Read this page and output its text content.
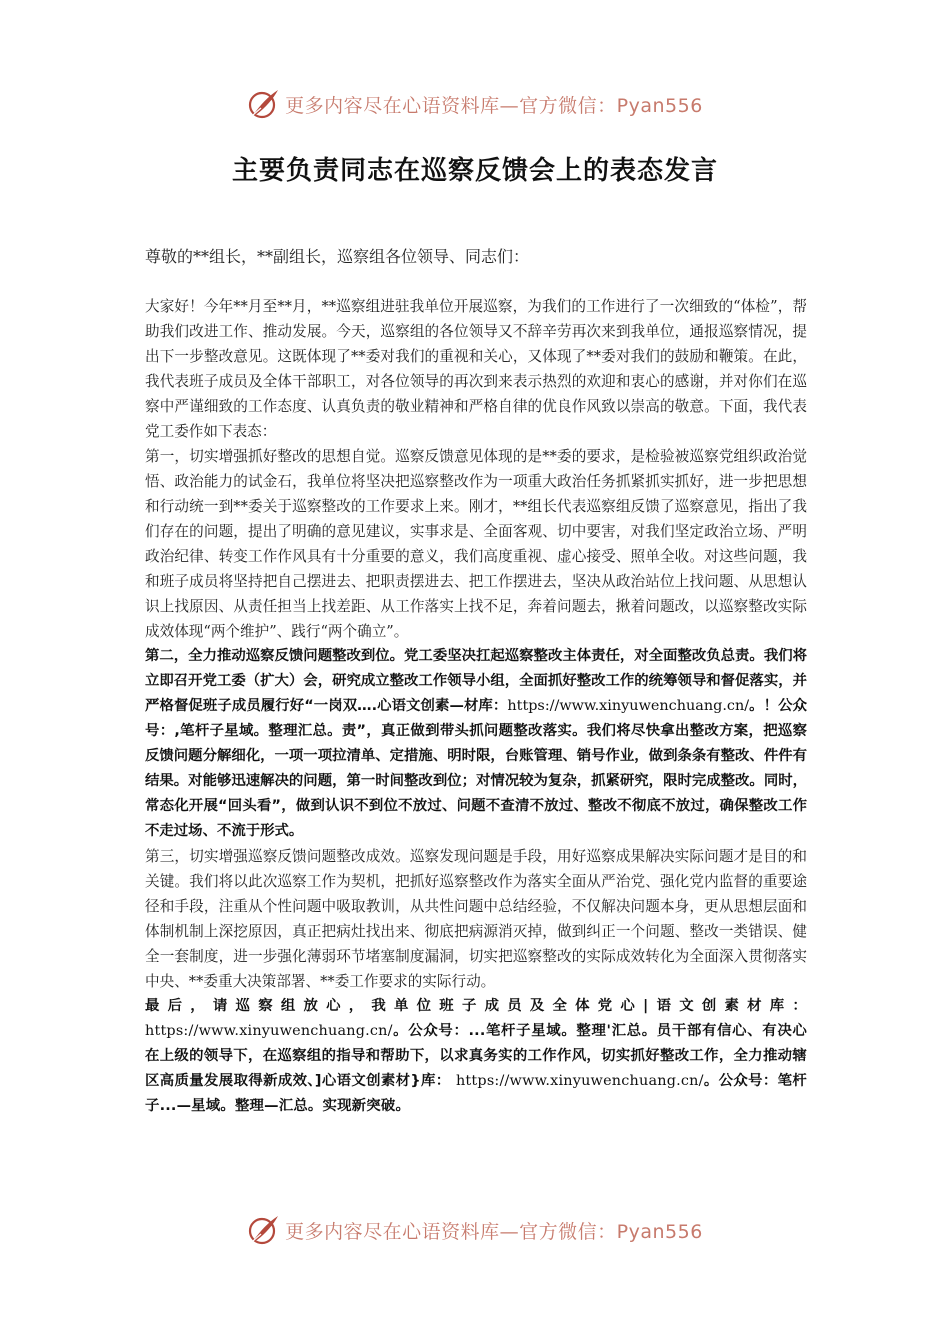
更多内容尽在心语资料库—官方微信：Pyan556
主要负责同志在巡察反馈会上的表态发言
尊敬的**组长，**副组长，巡察组各位领导、同志们：

大家好！今年**月至**月，**巡察组进驻我单位开展巡察，为我们的工作进行了一次细致的“体检”，帮助我们改进工作、推动发展。今天，巡察组的各位领导又不辞辛劳再次来到我单位，通报巡察情况，提出下一步整改意见。这既体现了**委对我们的重视和关心，又体现了**委对我们的鼓励和鞭策。在此，我代表班子成员及全体干部职工，对各位领导的再次到来表示热烈的欢迎和衷心的感谢，并对你们在巡察中严谨细致的工作态度、认真负责的敬业精神和严格自律的优良作风致以崇高的敬意。下面，我代表党工委作如下表态：

第一，切实增强抓好整改的思想自觉。巡察反馈意见体现的是**委的要求，是检验被巡察党组织政治觉悟、政治能力的试金石，我单位将坚决把巡察整改作为一项重大政治任务抓紧抓实抓好，进一步把思想和行动统一到**委关于巡察整改的工作要求上来。刚才，**组长代表巡察组反馈了巡察意见，指出了我们存在的问题，提出了明确的意见建议，实事求是、全面客观、切中要害，对我们坚定政治立场、严明政治纪律、转变工作作风具有十分重要的意义，我们高度重视、虚心接受、照单全收。对这些问题，我和班子成员将坚持把自己摆进去、把职责摆进去、把工作摆进去，坚决从政治站位上找问题、从思想认识上找原因、从责任担当上找差距、从工作落实上找不足，奔着问题去，揪着问题改，以巡察整改实际成效体现“两个维护”、践行“两个确立”。

第二，全力推动巡察反馈问题整改到位。党工委坚决扛起巡察整改主体责任，对全面整改负总责。我们将立即召开党工委（扩大）会，研究成立整改工作领导小组，全面抓好整改工作的统筹领导和督促落实，并严格督促班子成员履行好“一岗双….心语文创素—材库：https://www.xinyuwenchuang.cn/。！公众号：,笔杆子星域。整理汇总。责”，真正做到带头抓问题整改落实。我们将尽快拿出整改方案，把巡察反馈问题分解细化，一项一项拉清单、定措施、明时限，台账管理、销号作业，做到条条有整改、件件有结果。对能够迅速解决的问题，第一时间整改到位；对情况较为复杂，抓紧研究，限时完成整改。同时，常态化开展“回头看”，做到认识不到位不放过、问题不查清不放过、整改不彻底不放过，确保整改工作不走过场、不流于形式。

第三，切实增强巡察反馈问题整改成效。巡察发现问题是手段，用好巡察成果解决实际问题才是目的和关键。我们将以此次巡察工作为契机，把抓好巡察整改作为落实全面从严治党、强化党内监督的重要途径和手段，注重从个性问题中吸取教训，从共性问题中总结经验，不仅解决问题本身，更从思想层面和体制机制上深挖原因，真正把病灶找出来、彻底把病源消灭掉，做到纠正一个问题、整改一类错误、健全一套制度，进一步强化薄弱环节堵塞制度漏洞，切实把巡察整改的实际成效转化为全面深入贯彻落实中央、**委重大决策部署、**委工作要求的实际行动。

最后，请巡察组放心，我单位班子成员及全体党心|语文创素材库： https://www.xinyuwenchuang.cn/。公众号：...笔杆子星域。整理'汇总。员干部有信心、有决心在上级的领导下，在巡察组的指导和帮助下，以求真务实的工作作风，切实抓好整改工作，全力推动辖区高质量发展取得新成效、]心语文创素材}库： https://www.xinyuwenchuang.cn/。公众号：笔杆子...—星域。整理—汇总。实现新突破。

更多内容尽在心语资料库—官方微信：Pyan556
